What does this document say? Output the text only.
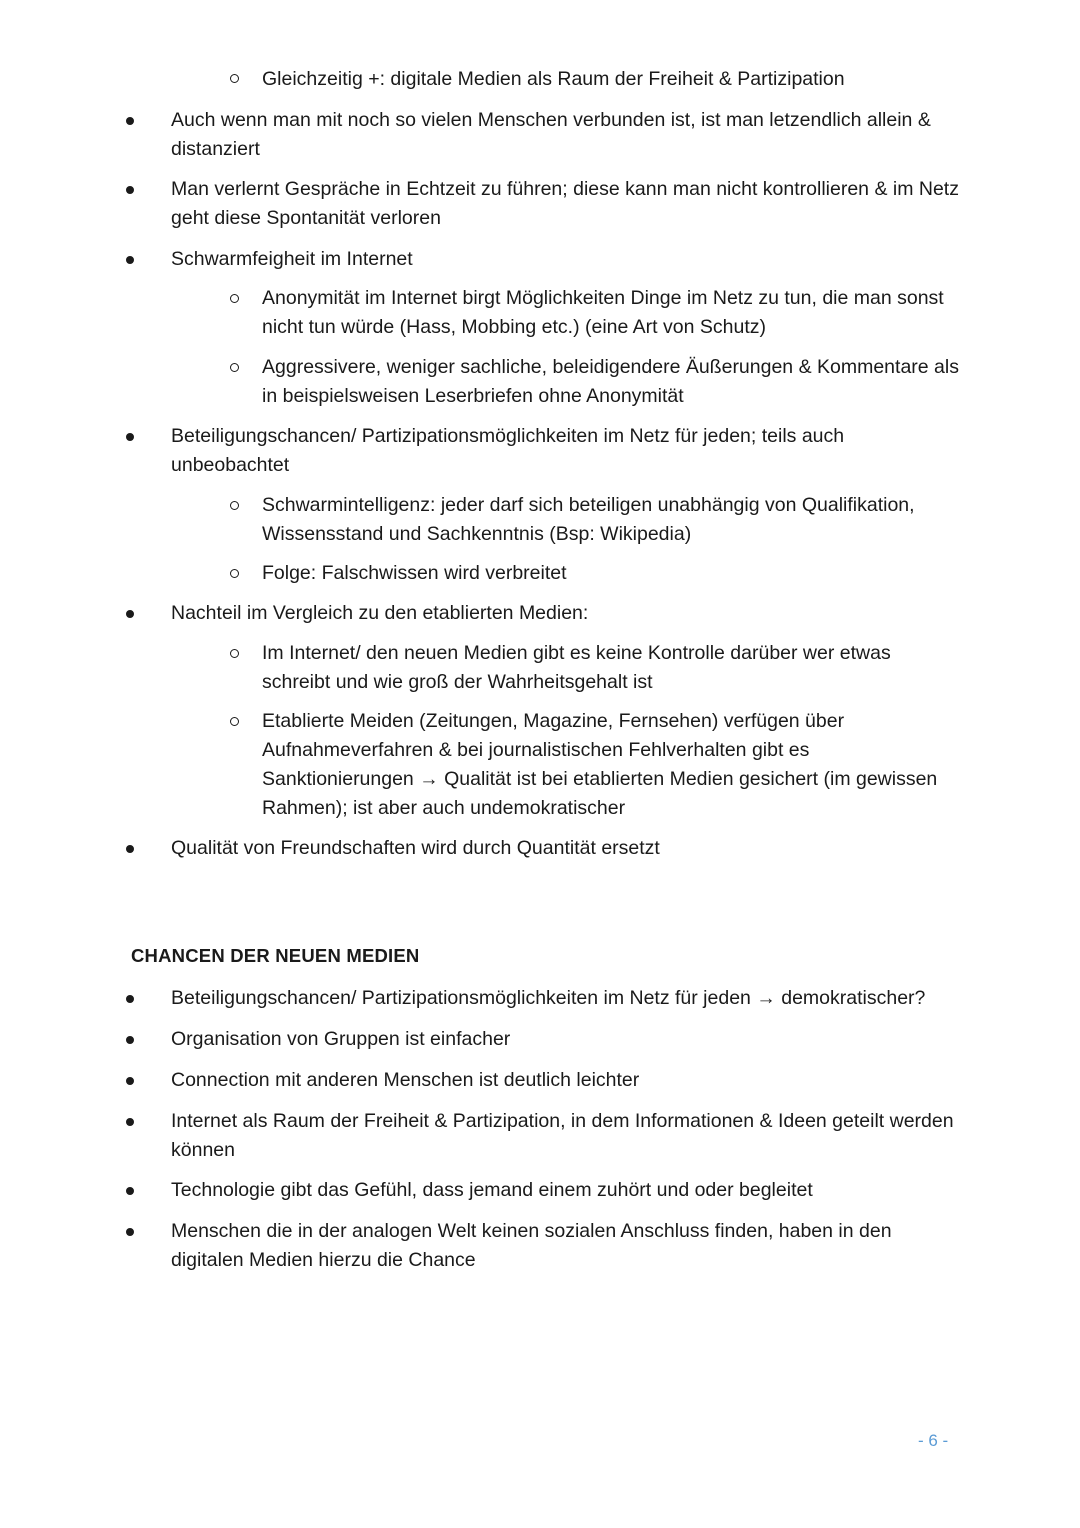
Gleichzeitig +: digitale Medien als Raum der Freiheit & Partizipation
Auch wenn man mit noch so vielen Menschen verbunden ist, ist man letzendlich allein & distanziert
Man verlernt Gespräche in Echtzeit zu führen; diese kann man nicht kontrollieren & im Netz geht diese Spontanität verloren
Schwarmfeigheit im Internet
Anonymität im Internet birgt Möglichkeiten Dinge im Netz zu tun, die man sonst nicht tun würde (Hass, Mobbing etc.) (eine Art von Schutz)
Aggressivere, weniger sachliche, beleidigendere Äußerungen & Kommentare als in beispielsweisen Leserbriefen ohne Anonymität
Beteiligungschancen/ Partizipationsmöglichkeiten im Netz für jeden; teils auch unbeobachtet
Schwarmintelligenz: jeder darf sich beteiligen unabhängig von Qualifikation, Wissensstand und Sachkenntnis (Bsp: Wikipedia)
Folge: Falschwissen wird verbreitet
Nachteil im Vergleich zu den etablierten Medien:
Im Internet/ den neuen Medien gibt es keine Kontrolle darüber wer etwas schreibt und wie groß der Wahrheitsgehalt ist
Etablierte Meiden (Zeitungen, Magazine, Fernsehen) verfügen über Aufnahmeverfahren & bei journalistischen Fehlverhalten gibt es Sanktionierungen → Qualität ist bei etablierten Medien gesichert (im gewissen Rahmen); ist aber auch undemokratischer
Qualität von Freundschaften wird durch Quantität ersetzt
CHANCEN DER NEUEN MEDIEN
Beteiligungschancen/ Partizipationsmöglichkeiten im Netz für jeden → demokratischer?
Organisation von Gruppen ist einfacher
Connection mit anderen Menschen ist deutlich leichter
Internet als Raum der Freiheit & Partizipation, in dem Informationen & Ideen geteilt werden können
Technologie gibt das Gefühl, dass jemand einem zuhört und oder begleitet
Menschen die in der analogen Welt keinen sozialen Anschluss finden, haben in den digitalen Medien hierzu die Chance
- 6 -
